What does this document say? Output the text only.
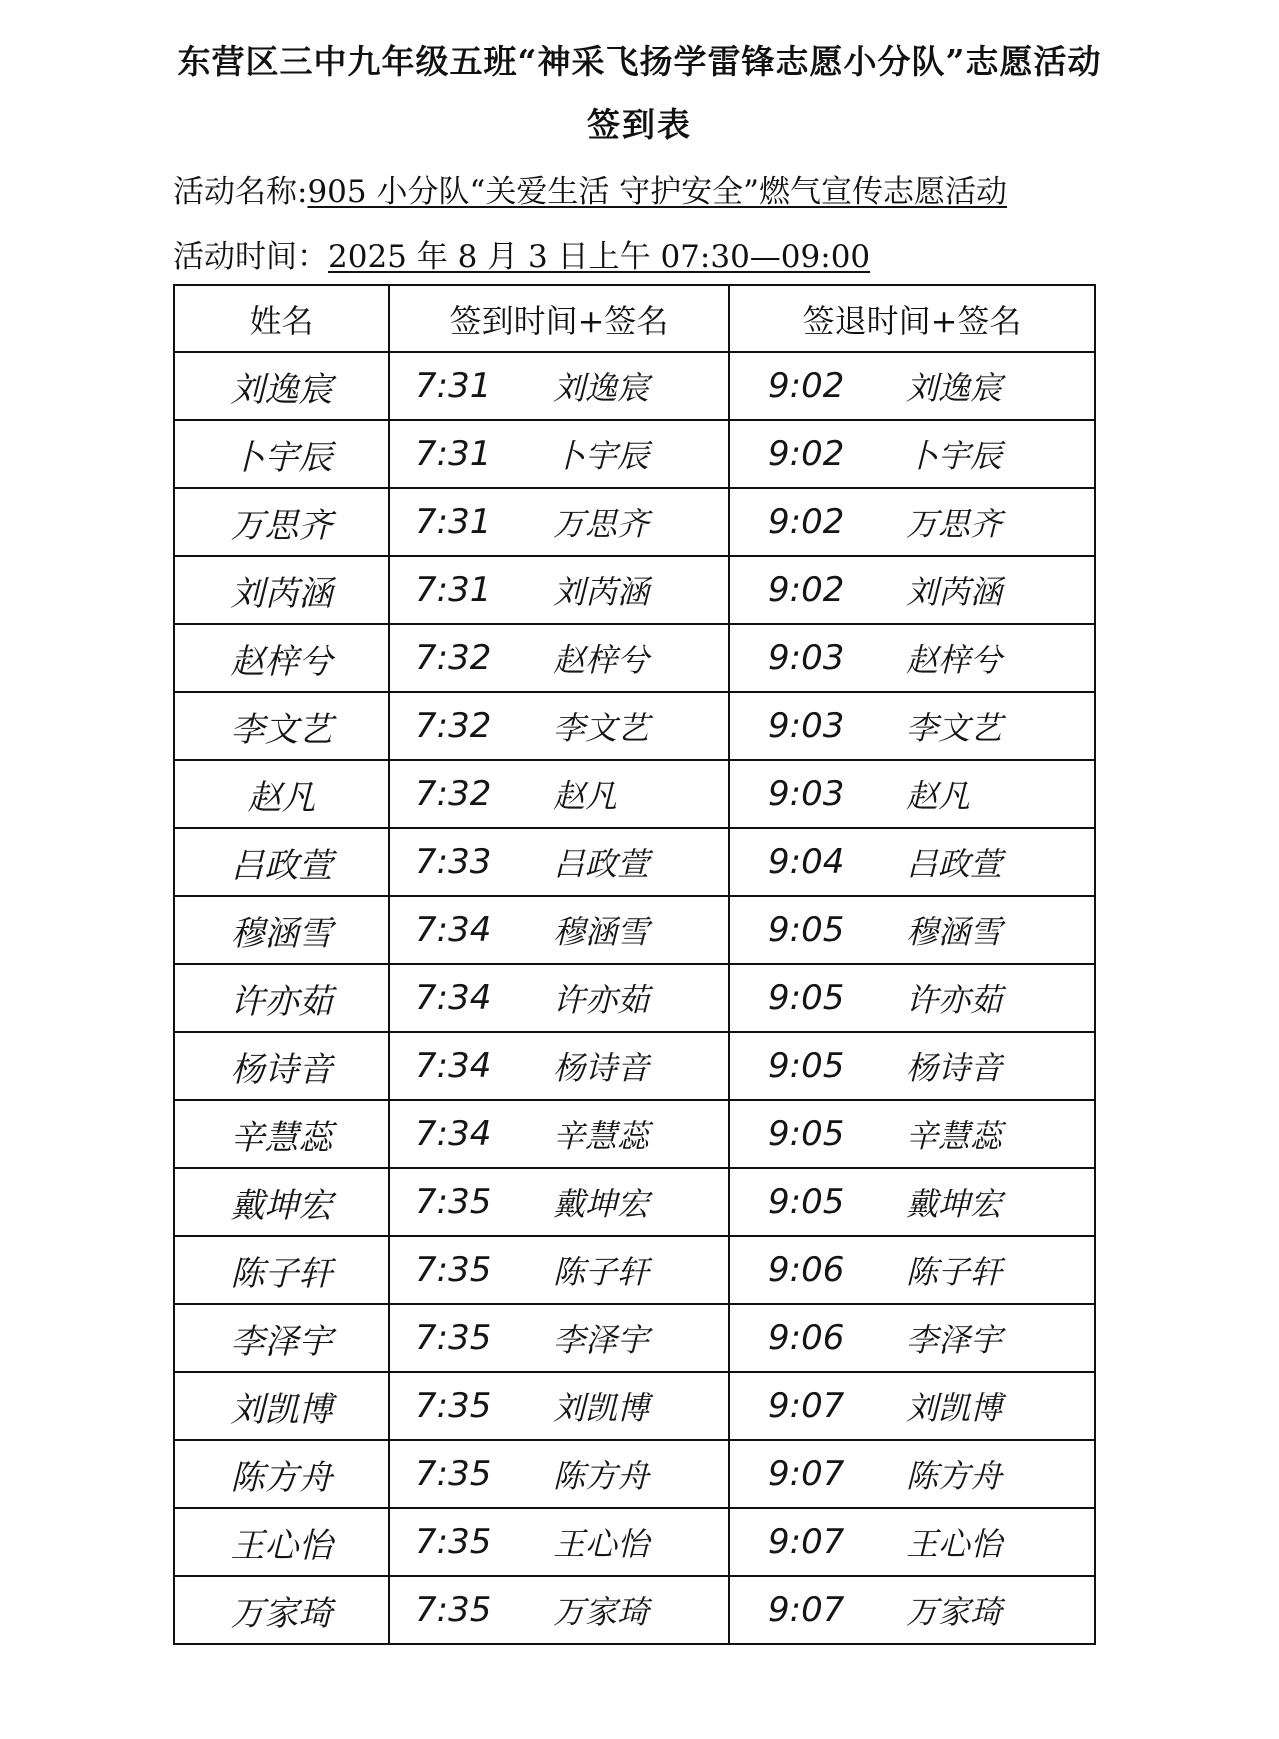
东营区三中九年级五班“神采飞扬学雷锋志愿小分队”志愿活动
签到表
活动名称:905 小分队“关爱生活 守护安全”燃气宣传志愿活动
活动时间：2025 年 8 月 3 日上午 07:30—09:00
姓名	签到时间+签名	签退时间+签名
刘逸宸	7:31 刘逸宸	9:02 刘逸宸

卜宇辰	7:31 卜宇辰	9:02 卜宇辰

万思齐	7:31 万思齐	9:02 万思齐

刘芮涵	7:31 刘芮涵	9:02 刘芮涵

赵梓兮	7:32 赵梓兮	9:03 赵梓兮

李文艺	7:32 李文艺	9:03 李文艺

赵凡	7:32 赵凡	9:03 赵凡

吕政萱	7:33 吕政萱	9:04 吕政萱

穆涵雪	7:34 穆涵雪	9:05 穆涵雪

许亦茹	7:34 许亦茹	9:05 许亦茹

杨诗音	7:34 杨诗音	9:05 杨诗音

辛慧蕊	7:34 辛慧蕊	9:05 辛慧蕊

戴坤宏	7:35 戴坤宏	9:05 戴坤宏

陈子轩	7:35 陈子轩	9:06 陈子轩

李泽宇	7:35 李泽宇	9:06 李泽宇

刘凯博	7:35 刘凯博	9:07 刘凯博

陈方舟	7:35 陈方舟	9:07 陈方舟

王心怡	7:35 王心怡	9:07 王心怡

万家琦	7:35 万家琦	9:07 万家琦
